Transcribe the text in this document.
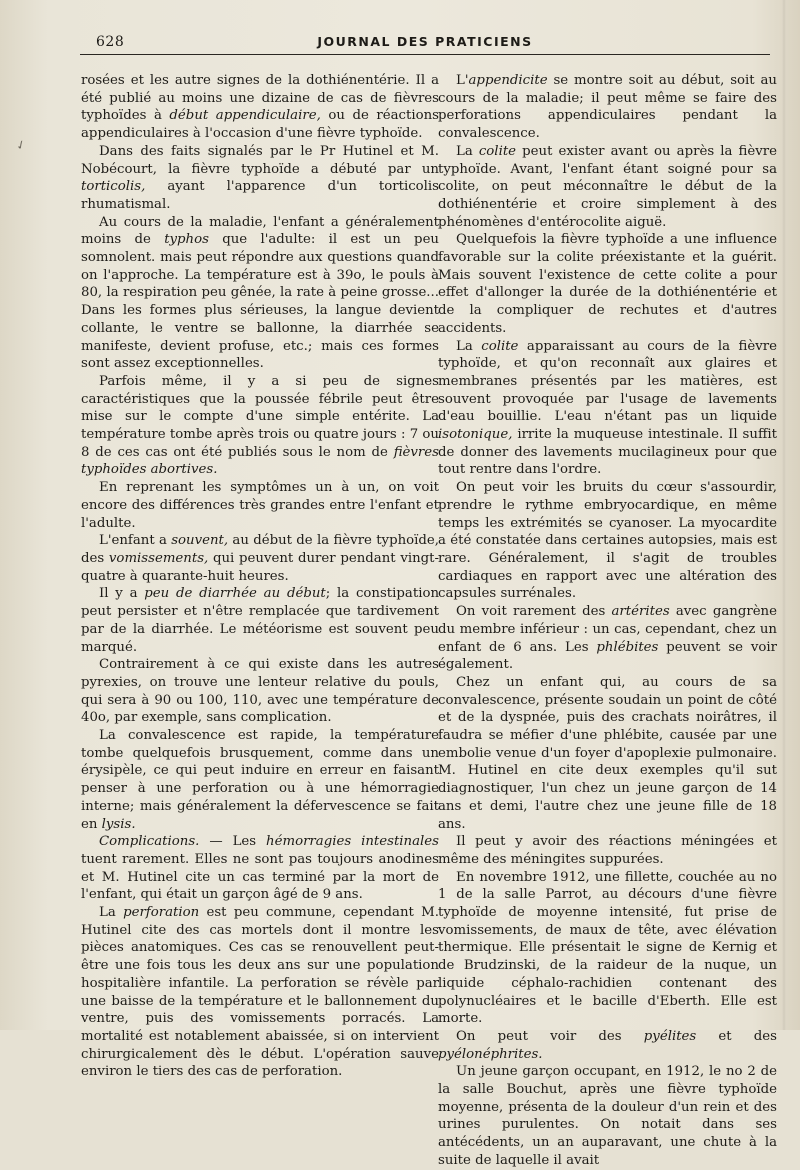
628	JOURNAL DES PRATICIENS
✓

rosées et les autre signes de la dothiénentérie. Il a été publié au moins une dizaine de cas de fièvres typhoïdes à début appendiculaire, ou de réactions appendiculaires à l'occasion d'une fièvre typhoïde.

Dans des faits signalés par le Pr Hutinel et M. Nobécourt, la fièvre typhoïde a débuté par un torticolis, ayant l'apparence d'un torticolis rhumatismal.

Au cours de la maladie, l'enfant a généralement moins de typhos que l'adulte: il est un peu somnolent. mais peut répondre aux questions quand on l'approche. La température est à 39o, le pouls à 80, la respiration peu gênée, la rate à peine grosse... Dans les formes plus sérieuses, la langue devient collante, le ventre se ballonne, la diarrhée se manifeste, devient profuse, etc.; mais ces formes sont assez exceptionnelles.

Parfois même, il y a si peu de signes caractéristiques que la poussée fébrile peut être mise sur le compte d'une simple entérite. La température tombe après trois ou quatre jours : 7 ou 8 de ces cas ont été publiés sous le nom de fièvres typhoïdes abortives.

En reprenant les symptômes un à un, on voit encore des différences très grandes entre l'enfant et l'adulte.

L'enfant a souvent, au début de la fièvre typhoïde, des vomissements, qui peuvent durer pendant vingt-quatre à quarante-huit heures.

Il y a peu de diarrhée au début; la constipation peut persister et n'être remplacée que tardivement par de la diarrhée. Le météorisme est souvent peu marqué.

Contrairement à ce qui existe dans les autres pyrexies, on trouve une lenteur relative du pouls, qui sera à 90 ou 100, 110, avec une température de 40o, par exemple, sans complication.

La convalescence est rapide, la température tombe quelquefois brusquement, comme dans un érysipèle, ce qui peut induire en erreur en faisant penser à une perforation ou à une hémorragie interne; mais généralement la défervescence se fait en lysis.

Complications. — Les hémorragies intestinales tuent rarement. Elles ne sont pas toujours anodines et M. Hutinel cite un cas terminé par la mort de l'enfant, qui était un garçon âgé de 9 ans.

La perforation est peu commune, cependant M. Hutinel cite des cas mortels dont il montre les pièces anatomiques. Ces cas se renouvellent peut-être une fois tous les deux ans sur une population hospitalière infantile. La perforation se révèle par une baisse de la température et le ballonnement du ventre, puis des vomissements porracés. La mortalité est notablement abaissée, si on intervient chirurgicalement dès le début. L'opération sauve environ le tiers des cas de perforation.

L'appendicite se montre soit au début, soit au cours de la maladie; il peut même se faire des perforations appendiculaires pendant la convalescence.

La colite peut exister avant ou après la fièvre typhoïde. Avant, l'enfant étant soigné pour sa colite, on peut méconnaître le début de la dothiénentérie et croire simplement à des phénomènes d'entérocolite aiguë.

Quelquefois la fièvre typhoïde a une influence favorable sur la colite préexistante et la guérit. Mais souvent l'existence de cette colite a pour effet d'allonger la durée de la dothiénentérie et de la compliquer de rechutes et d'autres accidents.

La colite apparaissant au cours de la fièvre typhoïde, et qu'on reconnaît aux glaires et membranes présentés par les matières, est souvent provoquée par l'usage de lavements d'eau bouillie. L'eau n'étant pas un liquide isotonique, irrite la muqueuse intestinale. Il suffit de donner des lavements mucilagineux pour que tout rentre dans l'ordre.

On peut voir les bruits du cœur s'assourdir, prendre le rythme embryocardique, en même temps les extrémités se cyanoser. La myocardite a été constatée dans certaines autopsies, mais est rare. Généralement, il s'agit de troubles cardiaques en rapport avec une altération des capsules surrénales.

On voit rarement des artérites avec gangrène du membre inférieur : un cas, cependant, chez un enfant de 6 ans. Les phlébites peuvent se voir également.

Chez un enfant qui, au cours de sa convalescence, présente soudain un point de côté et de la dyspnée, puis des crachats noirâtres, il faudra se méfier d'une phlébite, causée par une embolie venue d'un foyer d'apoplexie pulmonaire. M. Hutinel en cite deux exemples qu'il sut diagnostiquer, l'un chez un jeune garçon de 14 ans et demi, l'autre chez une jeune fille de 18 ans.

Il peut y avoir des réactions méningées et même des méningites suppurées.

En novembre 1912, une fillette, couchée au no 1 de la salle Parrot, au décours d'une fièvre typhoïde de moyenne intensité, fut prise de vomissements, de maux de tête, avec élévation thermique. Elle présentait le signe de Kernig et de Brudzinski, de la raideur de la nuque, un liquide céphalo-rachidien contenant des polynucléaires et le bacille d'Eberth. Elle est morte.

On peut voir des pyélites et des pyélonéphrites.

Un jeune garçon occupant, en 1912, le no 2 de la salle Bouchut, après une fièvre typhoïde moyenne, présenta de la douleur d'un rein et des urines purulentes. On notait dans ses antécédents, un an auparavant, une chute à la suite de laquelle il avait
